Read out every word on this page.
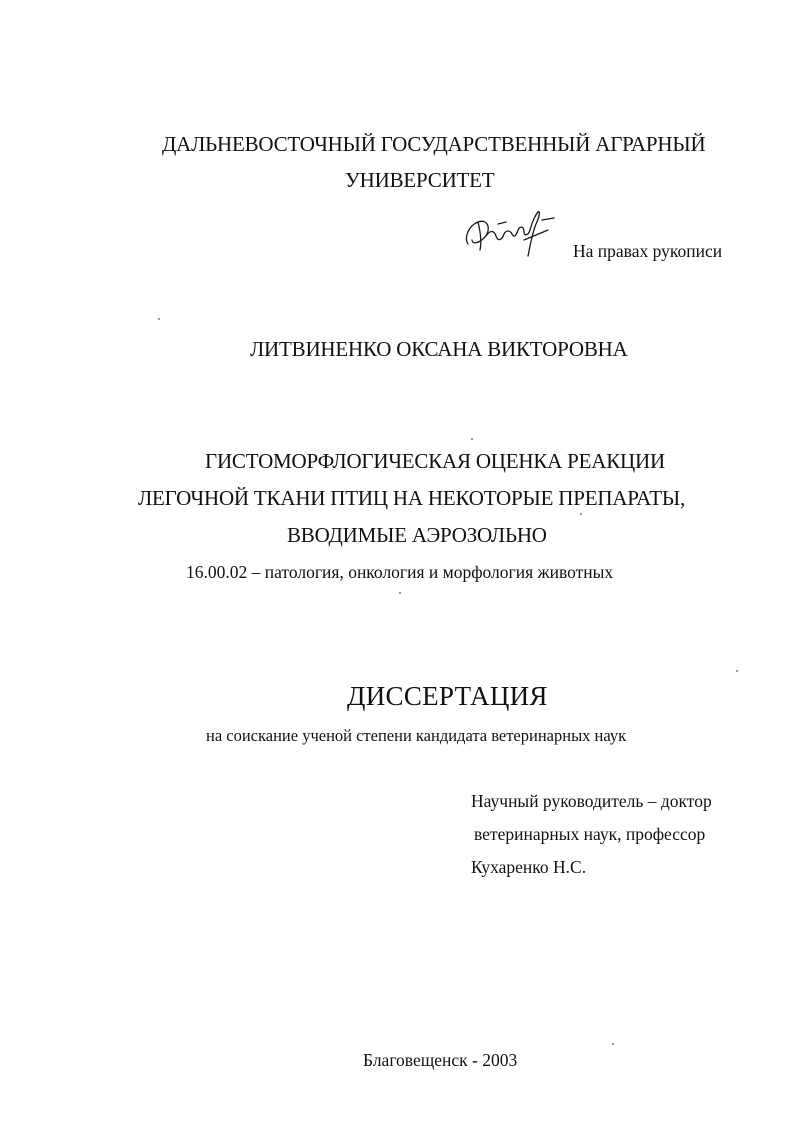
ДАЛЬНЕВОСТОЧНЫЙ ГОСУДАРСТВЕННЫЙ АГРАРНЫЙ
УНИВЕРСИТЕТ
На правах рукописи
ЛИТВИНЕНКО ОКСАНА ВИКТОРОВНА
ГИСТОМОРФЛОГИЧЕСКАЯ ОЦЕНКА РЕАКЦИИ
ЛЕГОЧНОЙ ТКАНИ ПТИЦ НА НЕКОТОРЫЕ ПРЕПАРАТЫ,
ВВОДИМЫЕ АЭРОЗОЛЬНО
16.00.02 – патология, онкология и морфология животных
ДИССЕРТАЦИЯ
на соискание ученой степени кандидата ветеринарных наук
Научный руководитель – доктор
ветеринарных наук, профессор
Кухаренко Н.С.
Благовещенск - 2003
